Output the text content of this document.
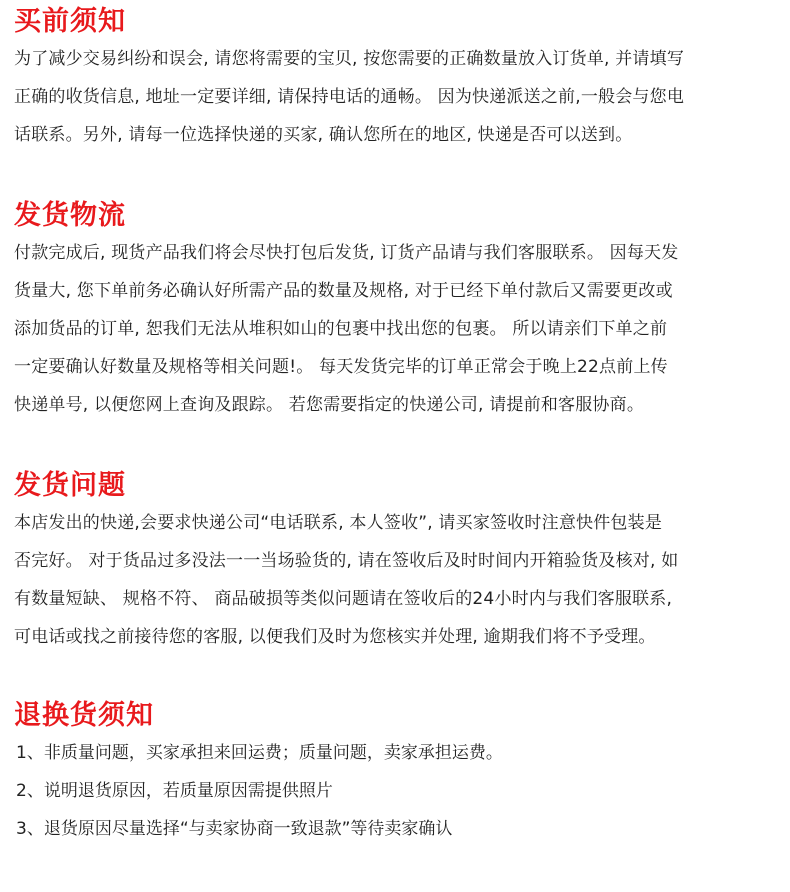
买前须知
为了减少交易纠纷和误会, 请您将需要的宝贝, 按您需要的正确数量放入订货单, 并请填写
正确的收货信息, 地址一定要详细, 请保持电话的通畅。 因为快递派送之前,一般会与您电
话联系。另外, 请每一位选择快递的买家, 确认您所在的地区, 快递是否可以送到。
发货物流
付款完成后, 现货产品我们将会尽快打包后发货, 订货产品请与我们客服联系。 因每天发
货量大, 您下单前务必确认好所需产品的数量及规格, 对于已经下单付款后又需要更改或
添加货品的订单, 恕我们无法从堆积如山的包裹中找出您的包裹。 所以请亲们下单之前
一定要确认好数量及规格等相关问题!。 每天发货完毕的订单正常会于晚上22点前上传
快递单号, 以便您网上查询及跟踪。 若您需要指定的快递公司, 请提前和客服协商。
发货问题
本店发出的快递,会要求快递公司“电话联系, 本人签收”, 请买家签收时注意快件包装是
否完好。 对于货品过多没法一一当场验货的, 请在签收后及时时间内开箱验货及核对, 如
有数量短缺、 规格不符、 商品破损等类似问题请在签收后的24小时内与我们客服联系,
可电话或找之前接待您的客服, 以便我们及时为您核实并处理, 逾期我们将不予受理。
退换货须知
1、非质量问题，买家承担来回运费；质量问题，卖家承担运费。
2、说明退货原因，若质量原因需提供照片
3、退货原因尽量选择“与卖家协商一致退款”等待卖家确认
